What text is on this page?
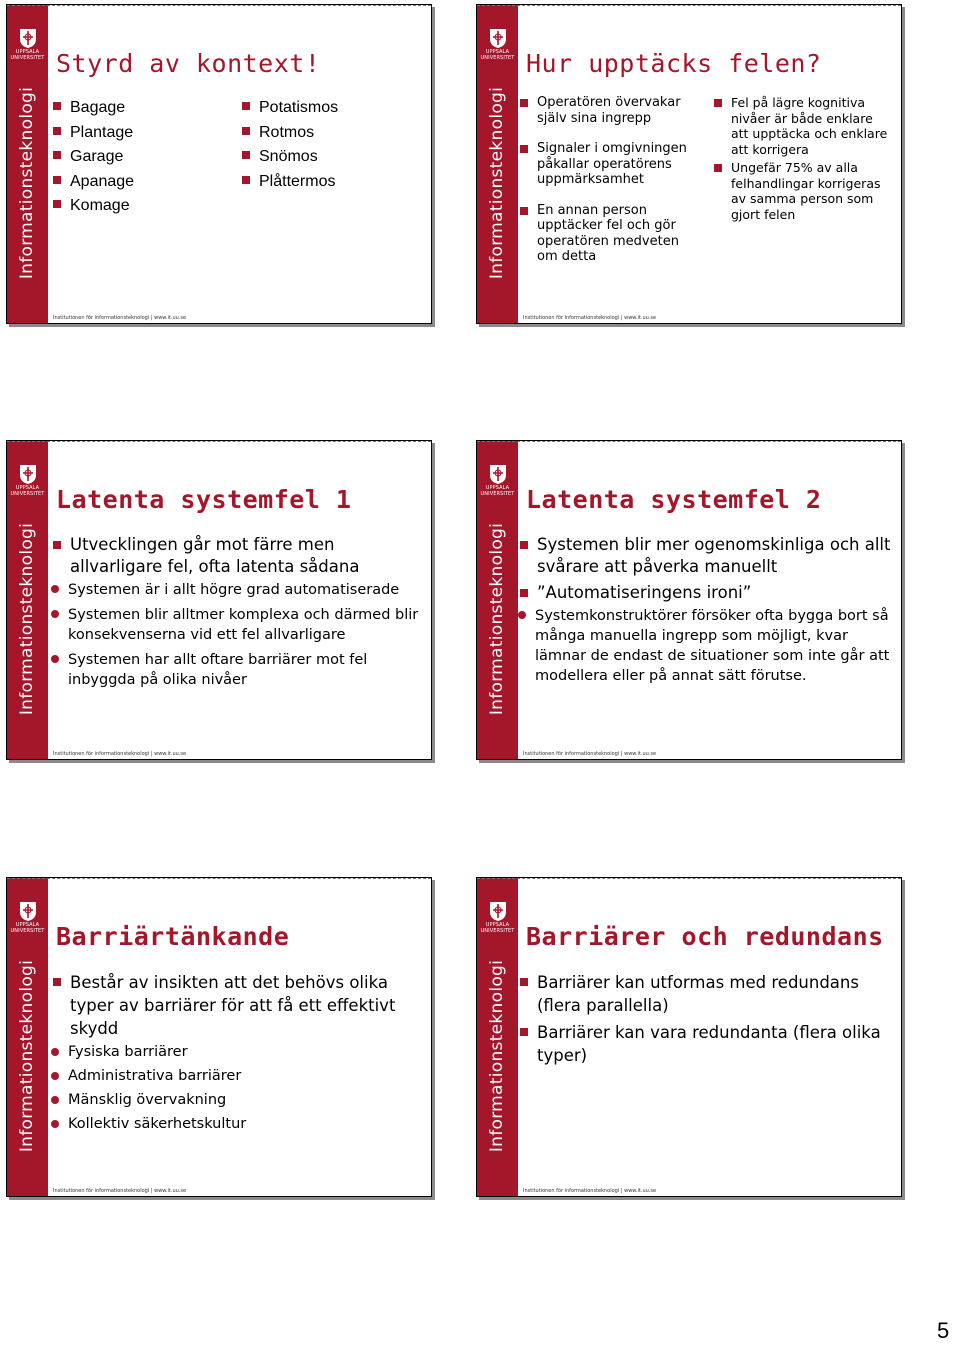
UPPSALA
UNIVERSITET
Informationsteknologi
Styrd av kontext!
Bagage
Plantage
Garage
Apanage
Komage
Potatismos
Rotmos
Snömos
Plåttermos
Institutionen för informationsteknologi | www.it.uu.se
UPPSALA
UNIVERSITET
Informationsteknologi
Hur upptäcks felen?
Operatören övervakar själv sina ingrepp
Signaler i omgivningen påkallar operatörens uppmärksamhet
En annan person upptäcker fel och gör operatören medveten om detta
Fel på lägre kognitiva nivåer är både enklare att upptäcka och enklare att korrigera
Ungefär 75% av alla felhandlingar korrigeras av samma person som gjort felen
Institutionen för informationsteknologi | www.it.uu.se
UPPSALA
UNIVERSITET
Informationsteknologi
Latenta systemfel 1
Utvecklingen går mot färre men allvarligare fel, ofta latenta sådana
Systemen är i allt högre grad automatiserade
Systemen blir alltmer komplexa och därmed blir konsekvenserna vid ett fel allvarligare
Systemen har allt oftare barriärer mot fel inbyggda på olika nivåer
Institutionen för informationsteknologi | www.it.uu.se
UPPSALA
UNIVERSITET
Informationsteknologi
Latenta systemfel 2
Systemen blir mer ogenomskinliga och allt svårare att påverka manuellt
”Automatiseringens ironi”
Systemkonstruktörer försöker ofta bygga bort så många manuella ingrepp som möjligt, kvar lämnar de endast de situationer som inte går att modellera eller på annat sätt förutse.
Institutionen för informationsteknologi | www.it.uu.se
UPPSALA
UNIVERSITET
Informationsteknologi
Barriärtänkande
Består av insikten att det behövs olika typer av barriärer för att få ett effektivt skydd
Fysiska barriärer
Administrativa barriärer
Mänsklig övervakning
Kollektiv säkerhetskultur
Institutionen för informationsteknologi | www.it.uu.se
UPPSALA
UNIVERSITET
Informationsteknologi
Barriärer och redundans
Barriärer kan utformas med redundans (flera parallella)
Barriärer kan vara redundanta (flera olika typer)
Institutionen för informationsteknologi | www.it.uu.se
5
